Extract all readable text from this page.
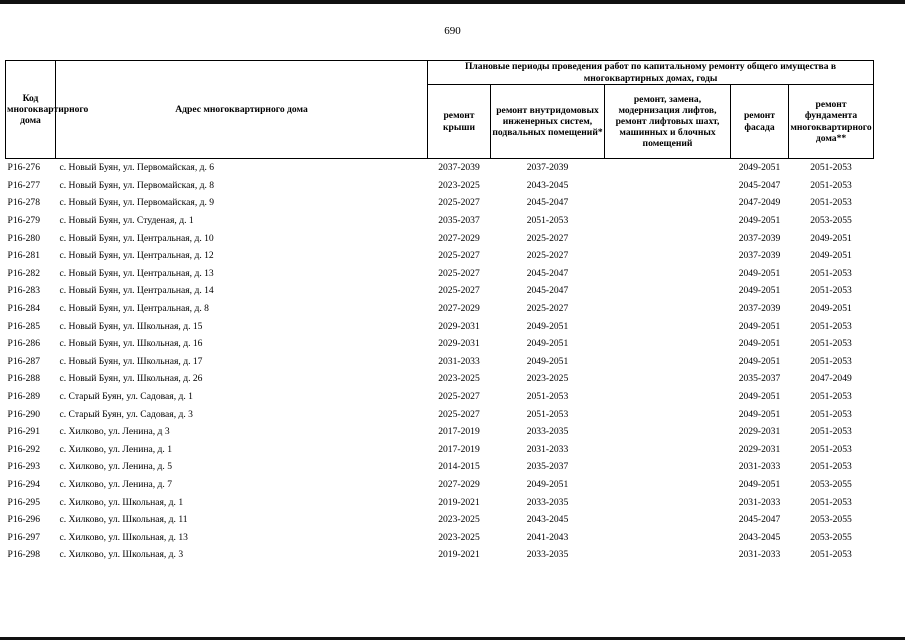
690
Код многоквартирного дома	Адрес многоквартирного дома	Плановые периоды проведения работ по капитальному ремонту общего имущества в многоквартирных домах, годы				
		ремонт крыши	ремонт внутридомовых инженерных систем, подвальных помещений*	ремонт, замена, модернизация лифтов, ремонт лифтовых шахт, машинных и блочных помещений	ремонт фасада	ремонт фундамента многоквартирного дома**
Р16-276	с. Новый Буян, ул. Первомайская, д. 6	2037-2039	2037-2039		2049-2051	2051-2053
Р16-277	с. Новый Буян, ул. Первомайская, д. 8	2023-2025	2043-2045		2045-2047	2051-2053
Р16-278	с. Новый Буян, ул. Первомайская, д. 9	2025-2027	2045-2047		2047-2049	2051-2053
Р16-279	с. Новый Буян, ул. Студеная, д. 1	2035-2037	2051-2053		2049-2051	2053-2055
Р16-280	с. Новый Буян, ул. Центральная, д. 10	2027-2029	2025-2027		2037-2039	2049-2051
Р16-281	с. Новый Буян, ул. Центральная, д. 12	2025-2027	2025-2027		2037-2039	2049-2051
Р16-282	с. Новый Буян, ул. Центральная, д. 13	2025-2027	2045-2047		2049-2051	2051-2053
Р16-283	с. Новый Буян, ул. Центральная, д. 14	2025-2027	2045-2047		2049-2051	2051-2053
Р16-284	с. Новый Буян, ул. Центральная, д. 8	2027-2029	2025-2027		2037-2039	2049-2051
Р16-285	с. Новый Буян, ул. Школьная, д. 15	2029-2031	2049-2051		2049-2051	2051-2053
Р16-286	с. Новый Буян, ул. Школьная, д. 16	2029-2031	2049-2051		2049-2051	2051-2053
Р16-287	с. Новый Буян, ул. Школьная, д. 17	2031-2033	2049-2051		2049-2051	2051-2053
Р16-288	с. Новый Буян, ул. Школьная, д. 26	2023-2025	2023-2025		2035-2037	2047-2049
Р16-289	с. Старый Буян, ул. Садовая, д. 1	2025-2027	2051-2053		2049-2051	2051-2053
Р16-290	с. Старый Буян, ул. Садовая, д. 3	2025-2027	2051-2053		2049-2051	2051-2053
Р16-291	с. Хилково, ул. Ленина, д 3	2017-2019	2033-2035		2029-2031	2051-2053
Р16-292	с. Хилково, ул. Ленина, д. 1	2017-2019	2031-2033		2029-2031	2051-2053
Р16-293	с. Хилково, ул. Ленина, д. 5	2014-2015	2035-2037		2031-2033	2051-2053
Р16-294	с. Хилково, ул. Ленина, д. 7	2027-2029	2049-2051		2049-2051	2053-2055
Р16-295	с. Хилково, ул. Школьная, д. 1	2019-2021	2033-2035		2031-2033	2051-2053
Р16-296	с. Хилково, ул. Школьная, д. 11	2023-2025	2043-2045		2045-2047	2053-2055
Р16-297	с. Хилково, ул. Школьная, д. 13	2023-2025	2041-2043		2043-2045	2053-2055
Р16-298	с. Хилково, ул. Школьная, д. 3	2019-2021	2033-2035		2031-2033	2051-2053
